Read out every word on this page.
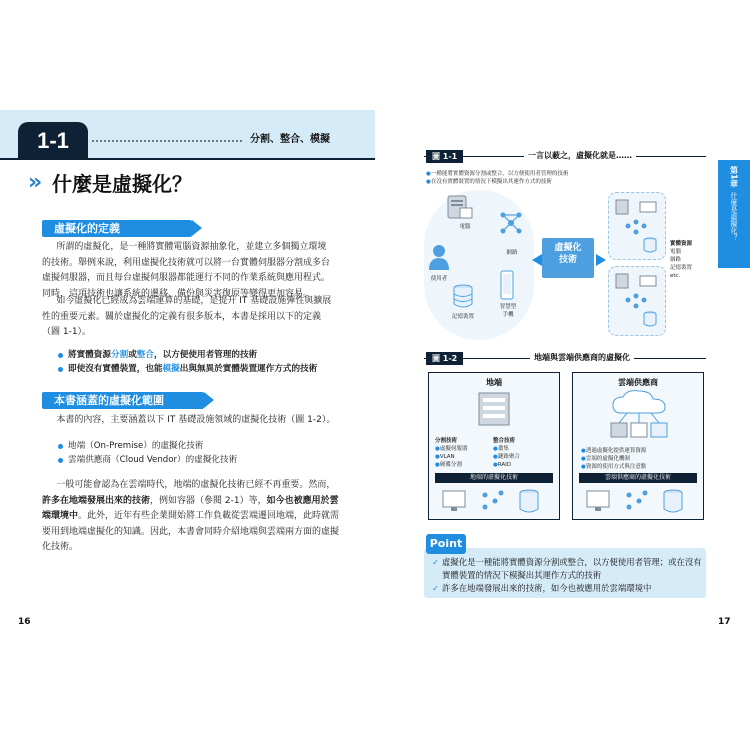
1-1	分割、整合、模擬
» 什麼是虛擬化？
虛擬化的定義
所謂的虛擬化，是一種將實體電腦資源抽象化，並建立多個獨立環境的技術。舉例來說，利用虛擬化技術就可以將一台實體伺服器分割成多台虛擬伺服器，而且每台虛擬伺服器都能運行不同的作業系統與應用程式。同時，這項技術也讓系統的遷移、備份與災害復原等變得更加容易。
如今虛擬化已經成為雲端運算的基礎，是提升 IT 基礎設施彈性與擴展性的重要元素。關於虛擬化的定義有很多版本，本書是採用以下的定義（圖 1-1）。
將實體資源分割或整合，以方便使用者管理的技術
即使沒有實體裝置，也能模擬出與無異於實體裝置運作方式的技術
本書涵蓋的虛擬化範圍
本書的內容，主要涵蓋以下 IT 基礎設施領域的虛擬化技術（圖 1-2）。
地端（On-Premise）的虛擬化技術
雲端供應商（Cloud Vendor）的虛擬化技術
一般可能會認為在雲端時代，地端的虛擬化技術已經不再重要。然而，許多在地端發展出來的技術，例如容器（參閱 2-1）等，如今也被應用於雲端環境中。此外，近年有些企業開始將工作負載從雲端遷回地端，此時就需要用到地端虛擬化的知識。因此，本書會同時介紹地端與雲端兩方面的虛擬化技術。
16
圖 1-1	一言以蔽之，虛擬化就是……
●一種能將實體資源分割或整合，以方便使用者管理的技術
●在沒有實體裝置的情況下模擬出其運作方式的技術
電腦
網路
使用者
記憶裝置
智慧型
手機
虛擬化
技術
實體資源
電腦
網路
記憶裝置
etc.
圖 1-2	地端與雲端供應商的虛擬化
地端
分割技術
●虛擬伺服器
●VLAN
●硬碟分割
整合技術
●叢集
●鏈路聚合
●RAID
地端的虛擬化技術
雲端供應商
●透過虛擬化提供運算資源
●雲端的虛擬化機制
●資源的使用方式與注意點
雲端供應商的虛擬化技術
第1章
什麼是虛擬化？
Point
✓ 虛擬化是一種能將實體資源分割或整合，以方便使用者管理；或在沒有實體裝置的情況下模擬出其運作方式的技術
✓ 許多在地端發展出來的技術，如今也被應用於雲端環境中
17
